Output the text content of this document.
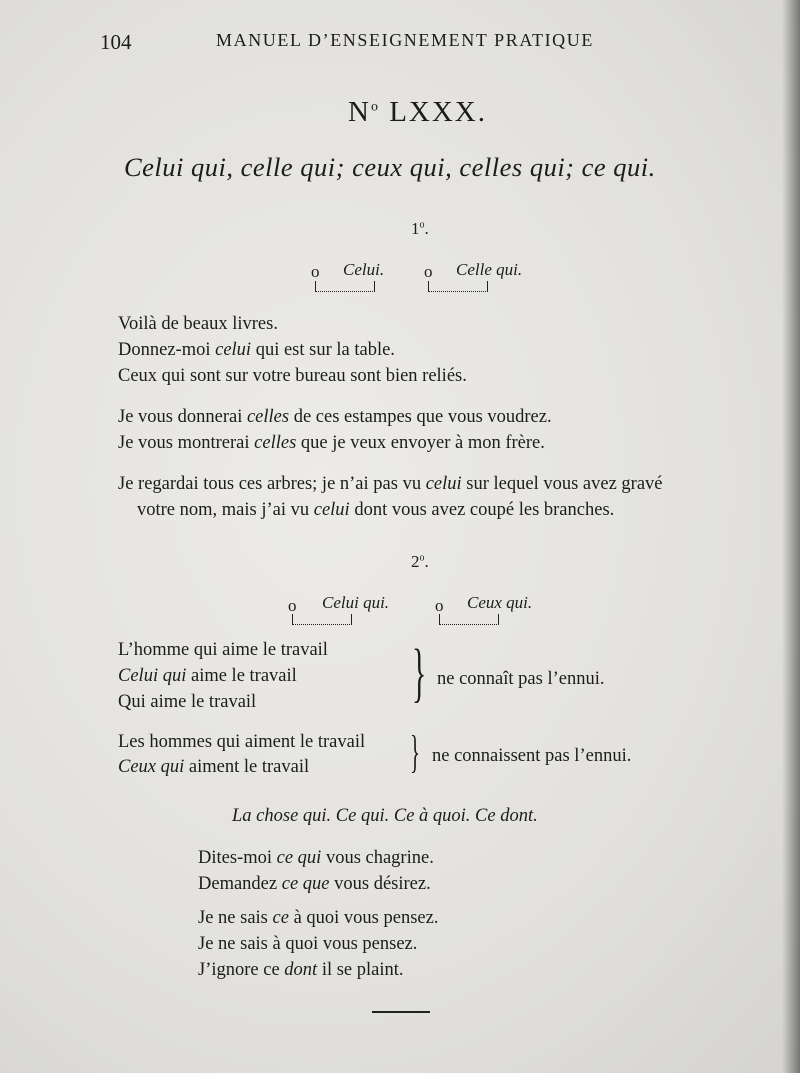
104	MANUEL D’ENSEIGNEMENT PRATIQUE
$N^o$ LXXX.
Celui qui, celle qui; ceux qui, celles qui; ce qui.
1$^o$.
o Celui. o Celle qui.
Voilà de beaux livres.
Donnez-moi celui qui est sur la table.
Ceux qui sont sur votre bureau sont bien reliés.
Je vous donnerai celles de ces estampes que vous voudrez.
Je vous montrerai celles que je veux envoyer à mon frère.
Je regardai tous ces arbres; je n’ai pas vu celui sur lequel vous avez gravé
votre nom, mais j’ai vu celui dont vous avez coupé les branches.
2$^o$.
o Celui qui.	o Ceux qui.
L’homme qui aime le travail
Celui qui aime le travail
Qui aime le travail } ne connaît pas l’ennui.
Les hommes qui aiment le travail
Ceux qui aiment le travail } ne connaissent pas l’ennui.
La chose qui. Ce qui. Ce à quoi. Ce dont.
Dites-moi ce qui vous chagrine.
Demandez ce que vous désirez.
Je ne sais ce à quoi vous pensez.
Je ne sais à quoi vous pensez.
J’ignore ce dont il se plaint.
